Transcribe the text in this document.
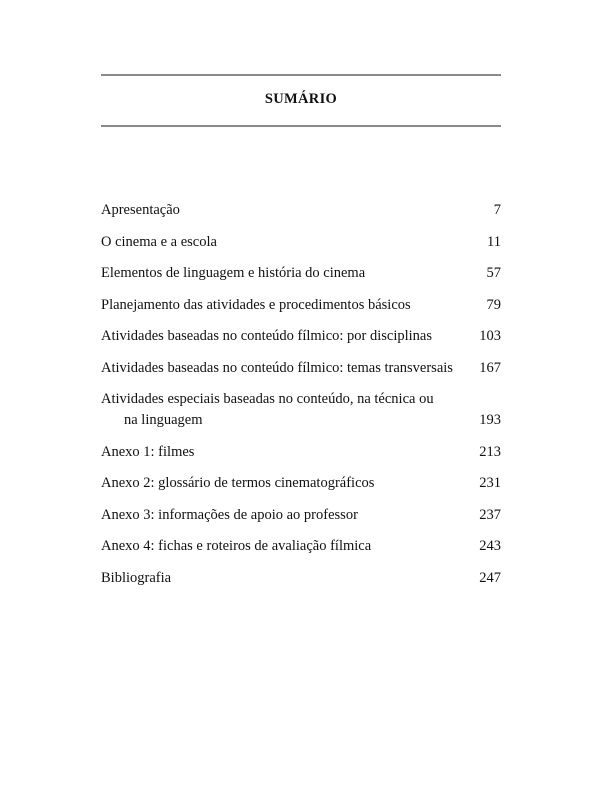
SUMÁRIO
Apresentação	7
O cinema e a escola	11
Elementos de linguagem e história do cinema	57
Planejamento das atividades e procedimentos básicos	79
Atividades baseadas no conteúdo fílmico: por disciplinas	103
Atividades baseadas no conteúdo fílmico: temas transversais	167
Atividades especiais baseadas no conteúdo, na técnica ou
na linguagem	193
Anexo 1: filmes	213
Anexo 2: glossário de termos cinematográficos	231
Anexo 3: informações de apoio ao professor	237
Anexo 4: fichas e roteiros de avaliação fílmica	243
Bibliografia	247
